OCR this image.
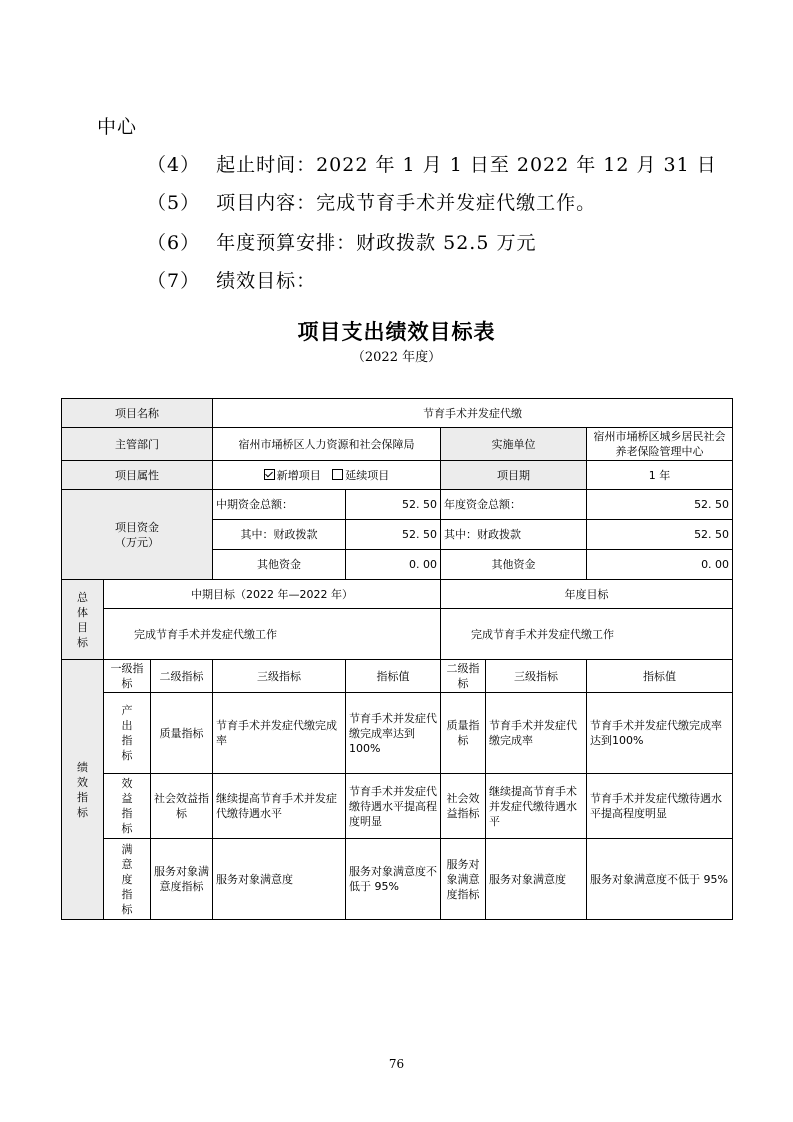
中心
（4） 起止时间：2022 年 1 月 1 日至 2022 年 12 月 31 日
（5） 项目内容：完成节育手术并发症代缴工作。
（6） 年度预算安排：财政拨款 52.5 万元
（7） 绩效目标：
项目支出绩效目标表
（2022 年度）
项目名称			节育手术并发症代缴				
主管部门			宿州市埇桥区人力资源和社会保障局		实施单位		宿州市埇桥区城乡居民社会养老保险管理中心
项目属性			新增项目 延续项目		项目期		1 年

项目资金
（万元）			中期资金总额：	52. 50	年度资金总额：		52. 50
			其中：财政拨款	52. 50	其中：财政拨款		52. 50
			其他资金	0. 00	其他资金		0. 00

总体目标	中期目标（2022 年—2022 年）				年度目标		
	完成节育手术并发症代缴工作				完成节育手术并发症代缴工作		

绩效指标	一级指标	二级指标	三级指标	指标值	二级指标	三级指标	指标值

	产出指标	质量指标	节育手术并发症代缴完成率	节育手术并发症代缴完成率达到100%	质量指标	节育手术并发症代缴完成率	节育手术并发症代缴完成率达到100%

	效益指标	社会效益指标	继续提高节育手术并发症代缴待遇水平	节育手术并发症代缴待遇水平提高程度明显	社会效益指标	继续提高节育手术并发症代缴待遇水平	节育手术并发症代缴待遇水平提高程度明显

	满意度指标	服务对象满意度指标	服务对象满意度	服务对象满意度不低于 95%	服务对象满意度指标	服务对象满意度	服务对象满意度不低于 95%
76
